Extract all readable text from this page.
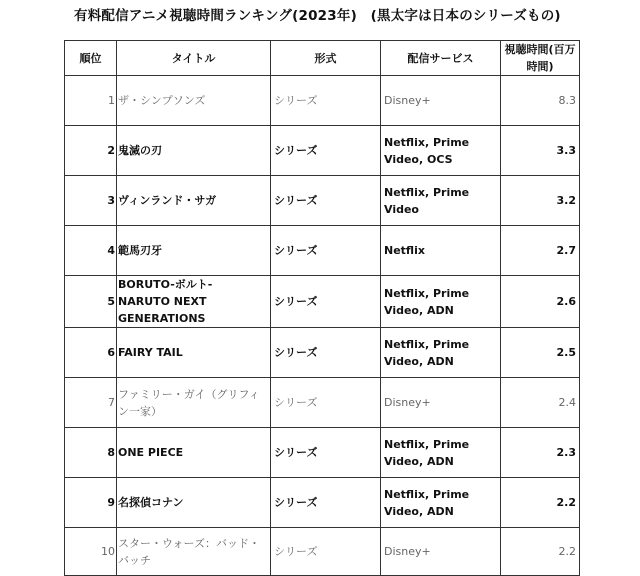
有料配信アニメ視聴時間ランキング(2023年)　(黒太字は日本のシリーズもの)
順位	タイトル	形式	配信サービス	視聴時間(百万時間)
1	ザ・シンプソンズ	シリーズ	Disney+	8.3
2	鬼滅の刃	シリーズ	Netflix, Prime Video, OCS	3.3
3	ヴィンランド・サガ	シリーズ	Netflix, Prime Video	3.2
4	範馬刃牙	シリーズ	Netflix	2.7
5	BORUTO-ボルト- NARUTO NEXT GENERATIONS	シリーズ	Netflix, Prime Video, ADN	2.6
6	FAIRY TAIL	シリーズ	Netflix, Prime Video, ADN	2.5
7	ファミリー・ガイ（グリフィン一家）	シリーズ	Disney+	2.4
8	ONE PIECE	シリーズ	Netflix, Prime Video, ADN	2.3
9	名探偵コナン	シリーズ	Netflix, Prime Video, ADN	2.2
10	スター・ウォーズ：バッド・バッチ	シリーズ	Disney+	2.2
